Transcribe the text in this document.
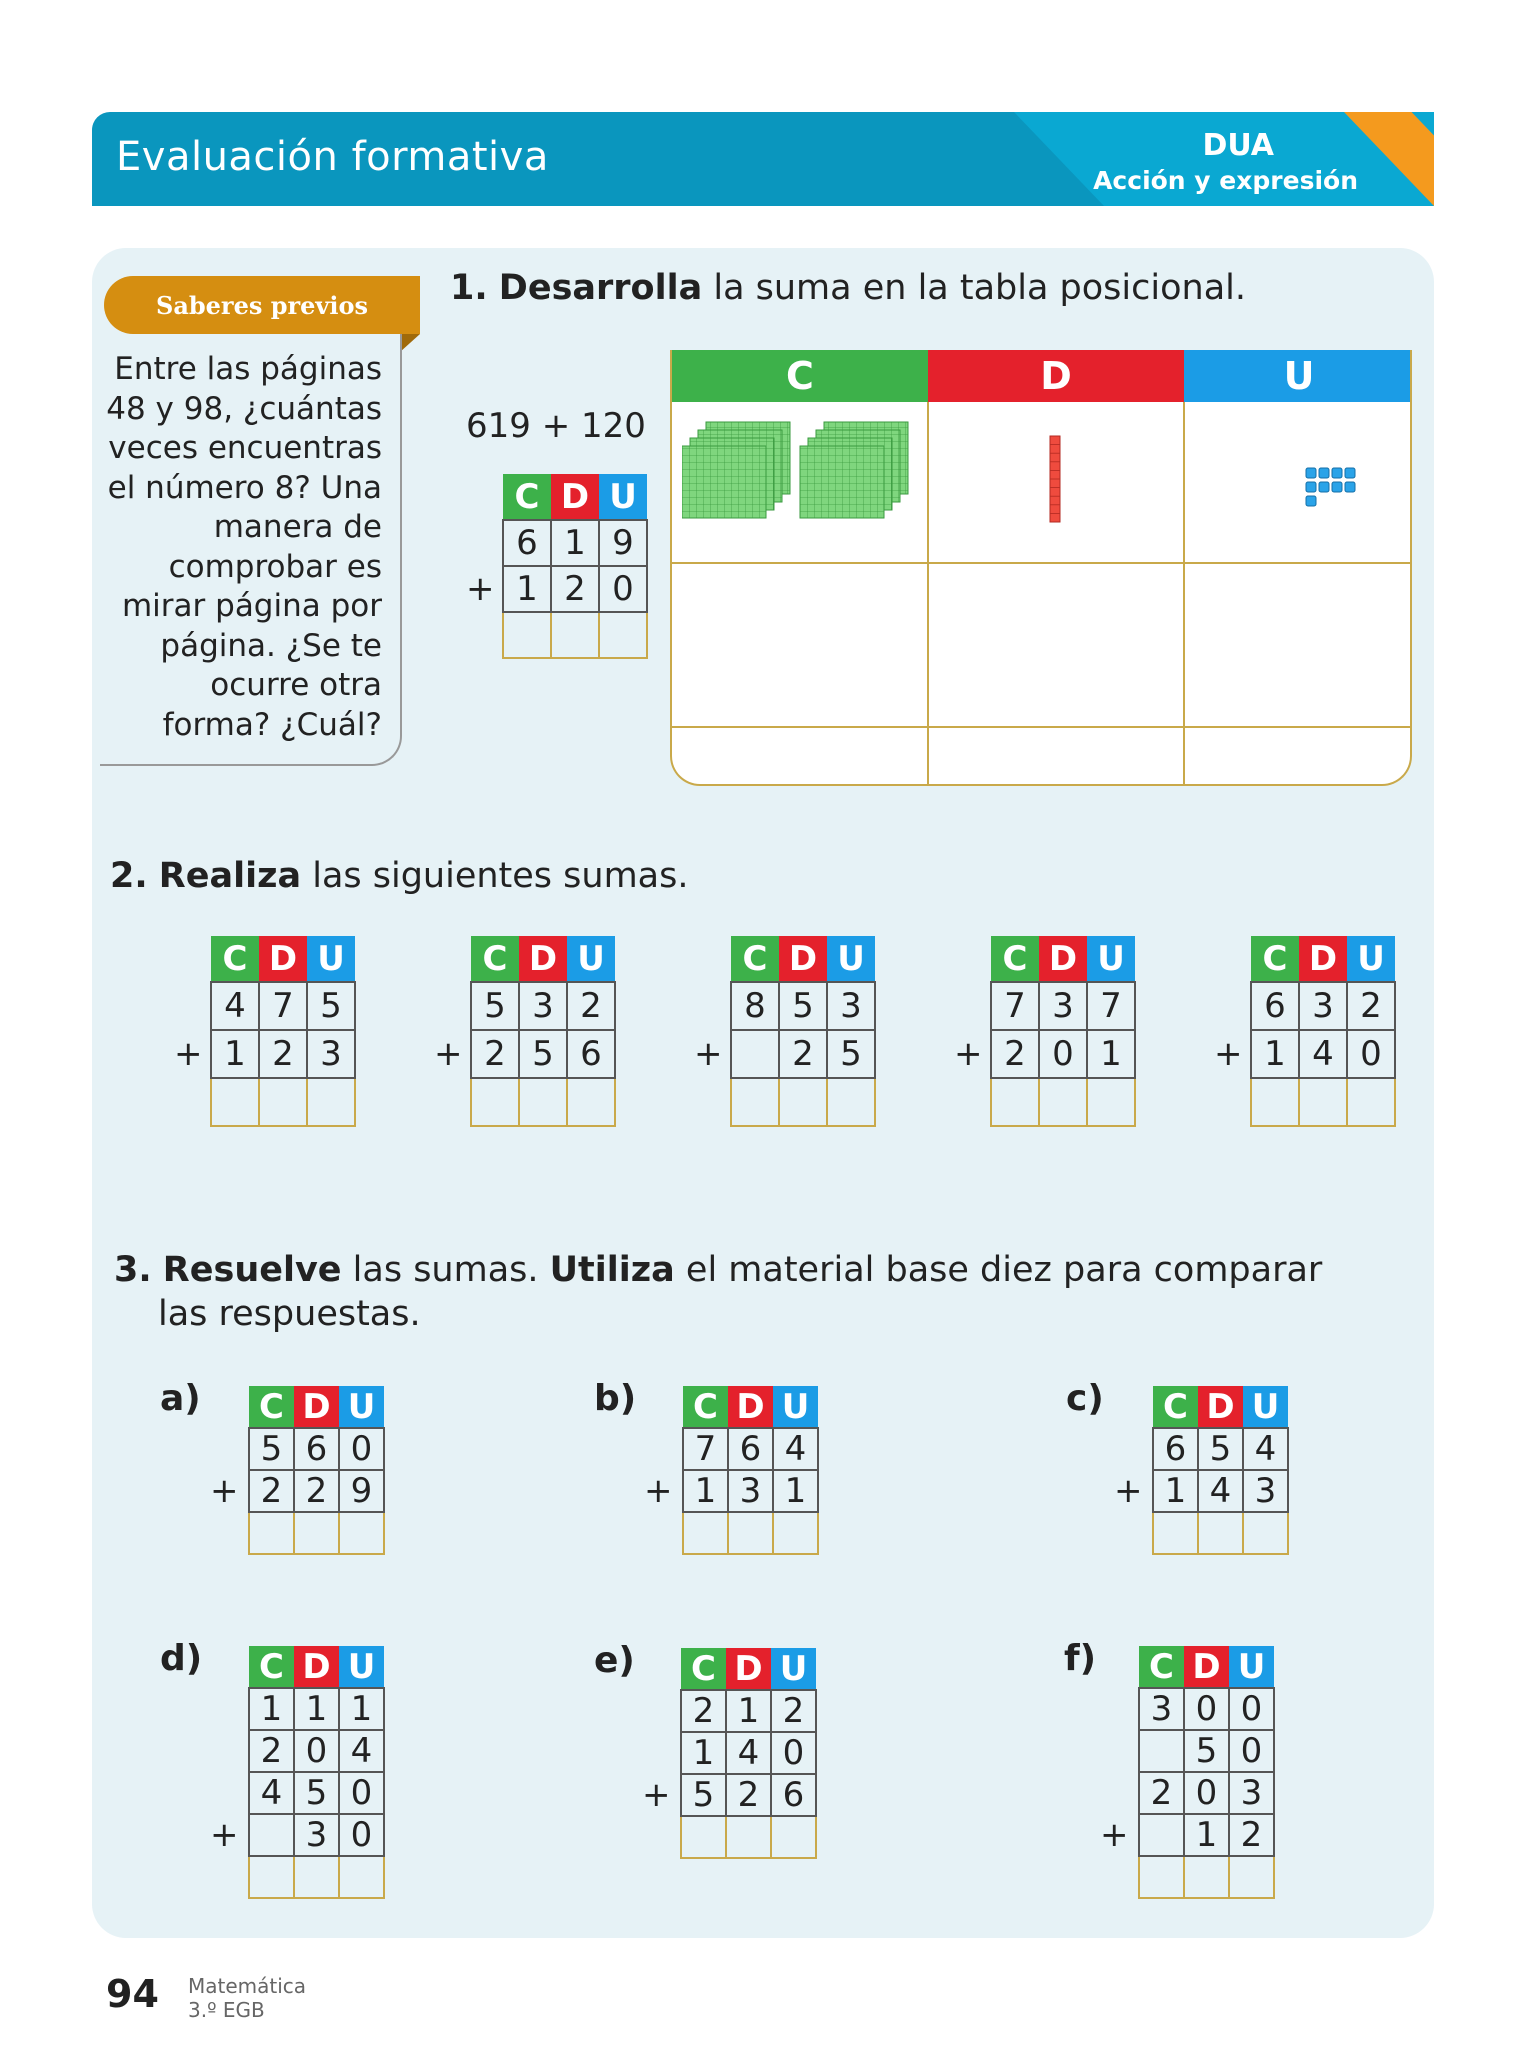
Evaluación formativa	DUA
Acción y expresión
Saberes previos
Entre las páginas 48 y 98, ¿cuántas veces encuentras el número 8? Una manera de comprobar es mirar página por página. ¿Se te ocurre otra forma? ¿Cuál?
1. Desarrolla la suma en la tabla posicional.
619 + 120
C	D	U
6	1	9
1	2	0

+
C	D	U
2. Realiza las siguientes sumas.
C	D	U
4	7	5
1	2	3

+
C	D	U
5	3	2
2	5	6

+
C	D	U
8	5	3
	2	5

+
C	D	U
7	3	7
2	0	1

+
C	D	U
6	3	2
1	4	0

+
3. Resuelve las sumas. Utiliza el material base diez para comparar
las respuestas.
a) C	D	U
5	6	0
2	2	9

+
b) C	D	U
7	6	4
1	3	1

+
c) C	D	U
6	5	4
1	4	3

+
d) C	D	U
1	1	1
2	0	4
4	5	0
	3	0

+
e) C	D	U
2	1	2
1	4	0
5	2	6

+
f) C	D	U
3	0	0
	5	0
2	0	3
	1	2

+
94 Matemática
3.º EGB
